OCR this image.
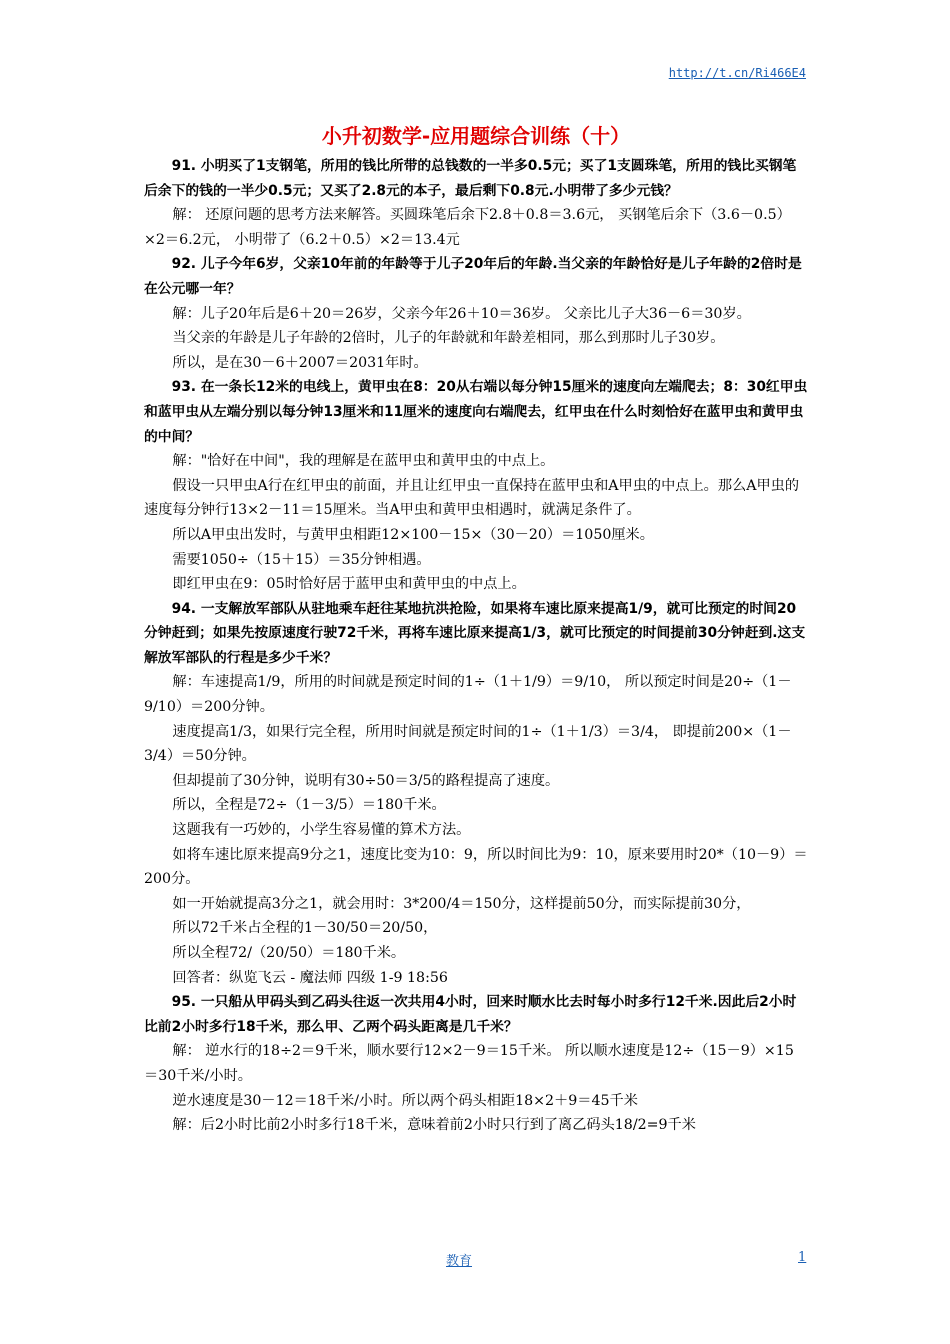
http://t.cn/Ri466E4
小升初数学-应用题综合训练（十）

91. 小明买了1支钢笔，所用的钱比所带的总钱数的一半多0.5元；买了1支圆珠笔，所用的钱比买钢笔后余下的钱的一半少0.5元；又买了2.8元的本子，最后剩下0.8元.小明带了多少元钱？

解： 还原问题的思考方法来解答。买圆珠笔后余下2.8＋0.8＝3.6元， 买钢笔后余下（3.6－0.5）×2＝6.2元， 小明带了（6.2＋0.5）×2＝13.4元

92. 儿子今年6岁，父亲10年前的年龄等于儿子20年后的年龄.当父亲的年龄恰好是儿子年龄的2倍时是在公元哪一年？

解：儿子20年后是6＋20＝26岁，父亲今年26＋10＝36岁。 父亲比儿子大36－6＝30岁。

当父亲的年龄是儿子年龄的2倍时，儿子的年龄就和年龄差相同，那么到那时儿子30岁。

所以，是在30－6＋2007＝2031年时。

93. 在一条长12米的电线上，黄甲虫在8：20从右端以每分钟15厘米的速度向左端爬去；8：30红甲虫和蓝甲虫从左端分别以每分钟13厘米和11厘米的速度向右端爬去，红甲虫在什么时刻恰好在蓝甲虫和黄甲虫的中间？

解："恰好在中间"，我的理解是在蓝甲虫和黄甲虫的中点上。

假设一只甲虫A行在红甲虫的前面，并且让红甲虫一直保持在蓝甲虫和A甲虫的中点上。那么A甲虫的速度每分钟行13×2－11＝15厘米。当A甲虫和黄甲虫相遇时，就满足条件了。

所以A甲虫出发时，与黄甲虫相距12×100－15×（30－20）＝1050厘米。

需要1050÷（15＋15）＝35分钟相遇。

即红甲虫在9：05时恰好居于蓝甲虫和黄甲虫的中点上。

94. 一支解放军部队从驻地乘车赶往某地抗洪抢险，如果将车速比原来提高1/9，就可比预定的时间20分钟赶到；如果先按原速度行驶72千米，再将车速比原来提高1/3，就可比预定的时间提前30分钟赶到.这支解放军部队的行程是多少千米？

解：车速提高1/9，所用的时间就是预定时间的1÷（1＋1/9）＝9/10， 所以预定时间是20÷（1－9/10）＝200分钟。

速度提高1/3，如果行完全程，所用时间就是预定时间的1÷（1＋1/3）＝3/4， 即提前200×（1－3/4）＝50分钟。

但却提前了30分钟，说明有30÷50＝3/5的路程提高了速度。

所以，全程是72÷（1－3/5）＝180千米。

这题我有一巧妙的，小学生容易懂的算术方法。

如将车速比原来提高9分之1，速度比变为10：9，所以时间比为9：10，原来要用时20*（10－9）＝200分。

如一开始就提高3分之1，就会用时：3*200/4＝150分，这样提前50分，而实际提前30分，

所以72千米占全程的1－30/50＝20/50，

所以全程72/（20/50）＝180千米。

回答者：纵览飞云 - 魔法师 四级 1-9 18:56

95. 一只船从甲码头到乙码头往返一次共用4小时，回来时顺水比去时每小时多行12千米.因此后2小时比前2小时多行18千米，那么甲、乙两个码头距离是几千米？

解： 逆水行的18÷2＝9千米，顺水要行12×2－9＝15千米。 所以顺水速度是12÷（15－9）×15＝30千米/小时。

逆水速度是30－12＝18千米/小时。所以两个码头相距18×2＋9＝45千米

解：后2小时比前2小时多行18千米，意味着前2小时只行到了离乙码头18/2=9千米

教育	1
